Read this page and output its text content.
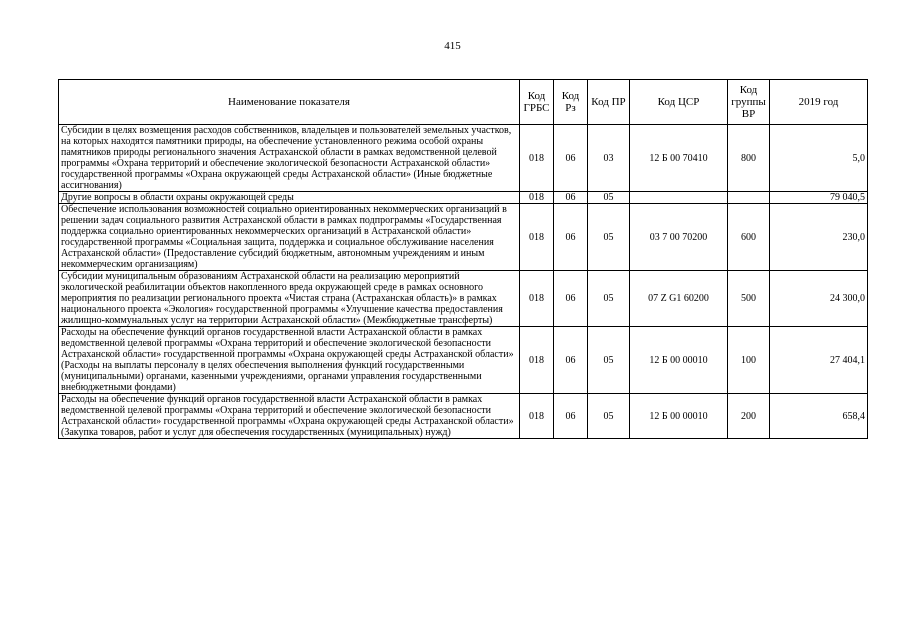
415
Наименование показателя	Код ГРБС	Код Рз	Код ПР	Код ЦСР	Код группы ВР	2019 год
Субсидии в целях возмещения расходов собственников, владельцев и пользователей земельных участков, на которых находятся памятники природы, на обеспечение установленного режима особой охраны памятников природы регионального значения Астраханской области в рамках ведомственной целевой программы «Охрана территорий и обеспечение экологической безопасности Астраханской области» государственной программы «Охрана окружающей среды Астраханской области» (Иные бюджетные ассигнования)	018	06	03	12 Б 00 70410	800	5,0
Другие вопросы в области охраны окружающей среды	018	06	05			79 040,5
Обеспечение использования возможностей социально ориентированных некоммерческих организаций в решении задач социального развития Астраханской области в рамках подпрограммы «Государственная поддержка социально ориентированных некоммерческих организаций в Астраханской области» государственной программы «Социальная защита, поддержка и социальное обслуживание населения Астраханской области» (Предоставление субсидий бюджетным, автономным учреждениям и иным некоммерческим организациям)	018	06	05	03 7 00 70200	600	230,0
Субсидии муниципальным образованиям Астраханской области на реализацию мероприятий экологической реабилитации объектов накопленного вреда окружающей среде в рамках основного мероприятия по реализации регионального проекта «Чистая страна (Астраханская область)» в рамках национального проекта «Экология» государственной программы «Улучшение качества предоставления жилищно-коммунальных услуг на территории Астраханской области» (Межбюджетные трансферты)	018	06	05	07 Z G1 60200	500	24 300,0
Расходы на обеспечение функций органов государственной власти Астраханской области в рамках ведомственной целевой программы «Охрана территорий и обеспечение экологической безопасности Астраханской области» государственной программы «Охрана окружающей среды Астраханской области» (Расходы на выплаты персоналу в целях обеспечения выполнения функций государственными (муниципальными) органами, казенными учреждениями, органами управления государственными внебюджетными фондами)	018	06	05	12 Б 00 00010	100	27 404,1
Расходы на обеспечение функций органов государственной власти Астраханской области в рамках ведомственной целевой программы «Охрана территорий и обеспечение экологической безопасности Астраханской области» государственной программы «Охрана окружающей среды Астраханской области» (Закупка товаров, работ и услуг для обеспечения государственных (муниципальных) нужд)	018	06	05	12 Б 00 00010	200	658,4
